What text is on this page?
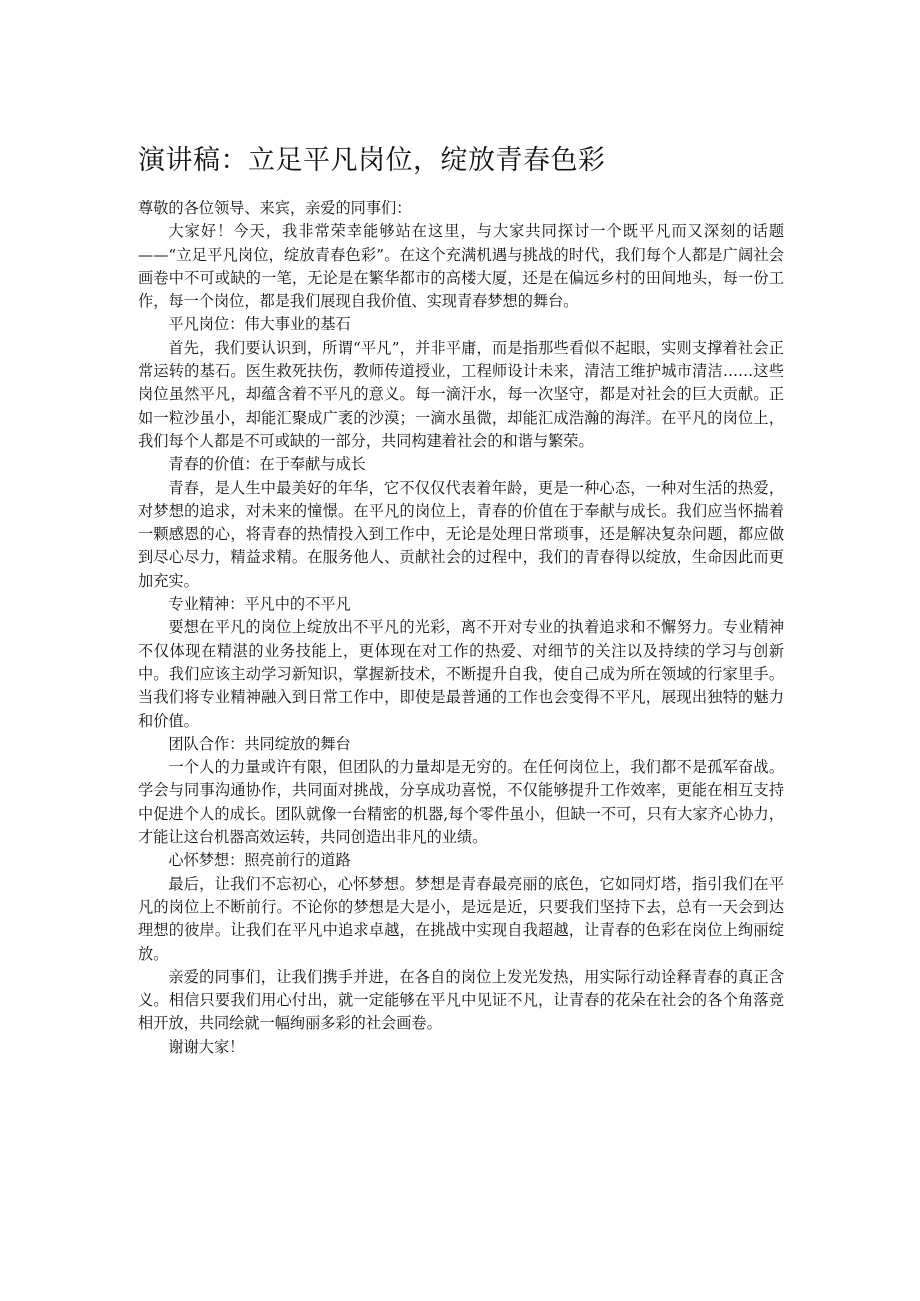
演讲稿：立足平凡岗位，绽放青春色彩

尊敬的各位领导、来宾，亲爱的同事们：

大家好！今天，我非常荣幸能够站在这里，与大家共同探讨一个既平凡而又深刻的话题——“立足平凡岗位，绽放青春色彩”。在这个充满机遇与挑战的时代，我们每个人都是广阔社会画卷中不可或缺的一笔，无论是在繁华都市的高楼大厦，还是在偏远乡村的田间地头，每一份工作，每一个岗位，都是我们展现自我价值、实现青春梦想的舞台。

平凡岗位：伟大事业的基石

首先，我们要认识到，所谓“平凡”，并非平庸，而是指那些看似不起眼，实则支撑着社会正常运转的基石。医生救死扶伤，教师传道授业，工程师设计未来，清洁工维护城市清洁……这些岗位虽然平凡，却蕴含着不平凡的意义。每一滴汗水，每一次坚守，都是对社会的巨大贡献。正如一粒沙虽小，却能汇聚成广袤的沙漠；一滴水虽微，却能汇成浩瀚的海洋。在平凡的岗位上，我们每个人都是不可或缺的一部分，共同构建着社会的和谐与繁荣。

青春的价值：在于奉献与成长

青春，是人生中最美好的年华，它不仅仅代表着年龄，更是一种心态，一种对生活的热爱，对梦想的追求，对未来的憧憬。在平凡的岗位上，青春的价值在于奉献与成长。我们应当怀揣着一颗感恩的心，将青春的热情投入到工作中，无论是处理日常琐事，还是解决复杂问题，都应做到尽心尽力，精益求精。在服务他人、贡献社会的过程中，我们的青春得以绽放，生命因此而更加充实。

专业精神：平凡中的不平凡

要想在平凡的岗位上绽放出不平凡的光彩，离不开对专业的执着追求和不懈努力。专业精神不仅体现在精湛的业务技能上，更体现在对工作的热爱、对细节的关注以及持续的学习与创新中。我们应该主动学习新知识，掌握新技术，不断提升自我，使自己成为所在领域的行家里手。当我们将专业精神融入到日常工作中，即使是最普通的工作也会变得不平凡，展现出独特的魅力和价值。

团队合作：共同绽放的舞台

一个人的力量或许有限，但团队的力量却是无穷的。在任何岗位上，我们都不是孤军奋战。学会与同事沟通协作，共同面对挑战，分享成功喜悦，不仅能够提升工作效率，更能在相互支持中促进个人的成长。团队就像一台精密的机器,每个零件虽小，但缺一不可，只有大家齐心协力，才能让这台机器高效运转，共同创造出非凡的业绩。

心怀梦想：照亮前行的道路

最后，让我们不忘初心，心怀梦想。梦想是青春最亮丽的底色，它如同灯塔，指引我们在平凡的岗位上不断前行。不论你的梦想是大是小，是远是近，只要我们坚持下去，总有一天会到达理想的彼岸。让我们在平凡中追求卓越，在挑战中实现自我超越，让青春的色彩在岗位上绚丽绽放。

亲爱的同事们，让我们携手并进，在各自的岗位上发光发热，用实际行动诠释青春的真正含义。相信只要我们用心付出，就一定能够在平凡中见证不凡，让青春的花朵在社会的各个角落竞相开放，共同绘就一幅绚丽多彩的社会画卷。

谢谢大家！
